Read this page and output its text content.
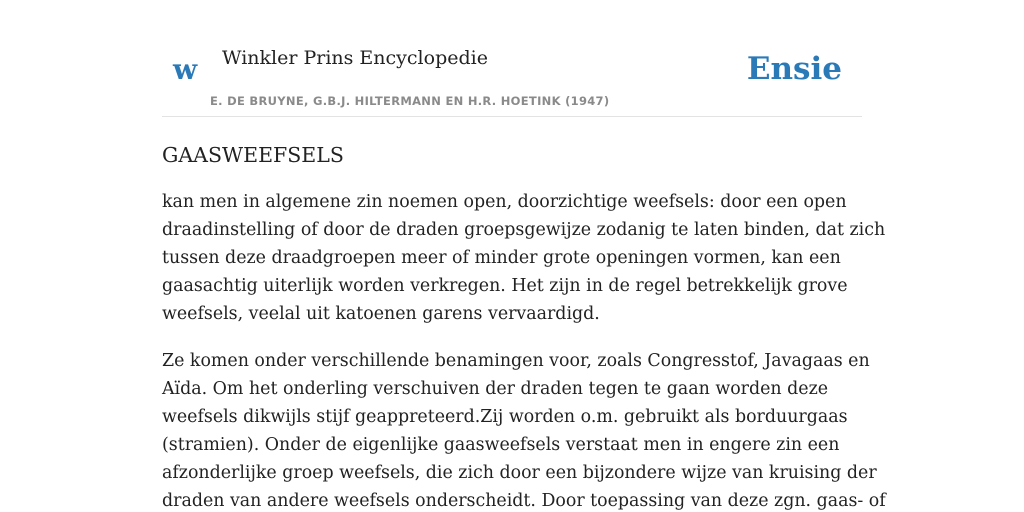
w Winkler Prins Encyclopedie
E. DE BRUYNE, G.B.J. HILTERMANN EN H.R. HOETINK (1947)
Ensie
GAASWEEFSELS

kan men in algemene zin noemen open, doorzichtige weefsels: door een open
draadinstelling of door de draden groepsgewijze zodanig te laten binden, dat zich
tussen deze draadgroepen meer of minder grote openingen vormen, kan een
gaasachtig uiterlijk worden verkregen. Het zijn in de regel betrekkelijk grove
weefsels, veelal uit katoenen garens vervaardigd.

Ze komen onder verschillende benamingen voor, zoals Congresstof, Javagaas en
Aïda. Om het onderling verschuiven der draden tegen te gaan worden deze
weefsels dikwijls stijf geappreteerd.Zij worden o.m. gebruikt als borduurgaas
(stramien). Onder de eigenlijke gaasweefsels verstaat men in engere zin een
afzonderlijke groep weefsels, die zich door een bijzondere wijze van kruising der
draden van andere weefsels onderscheidt. Door toepassing van deze zgn. gaas- of
